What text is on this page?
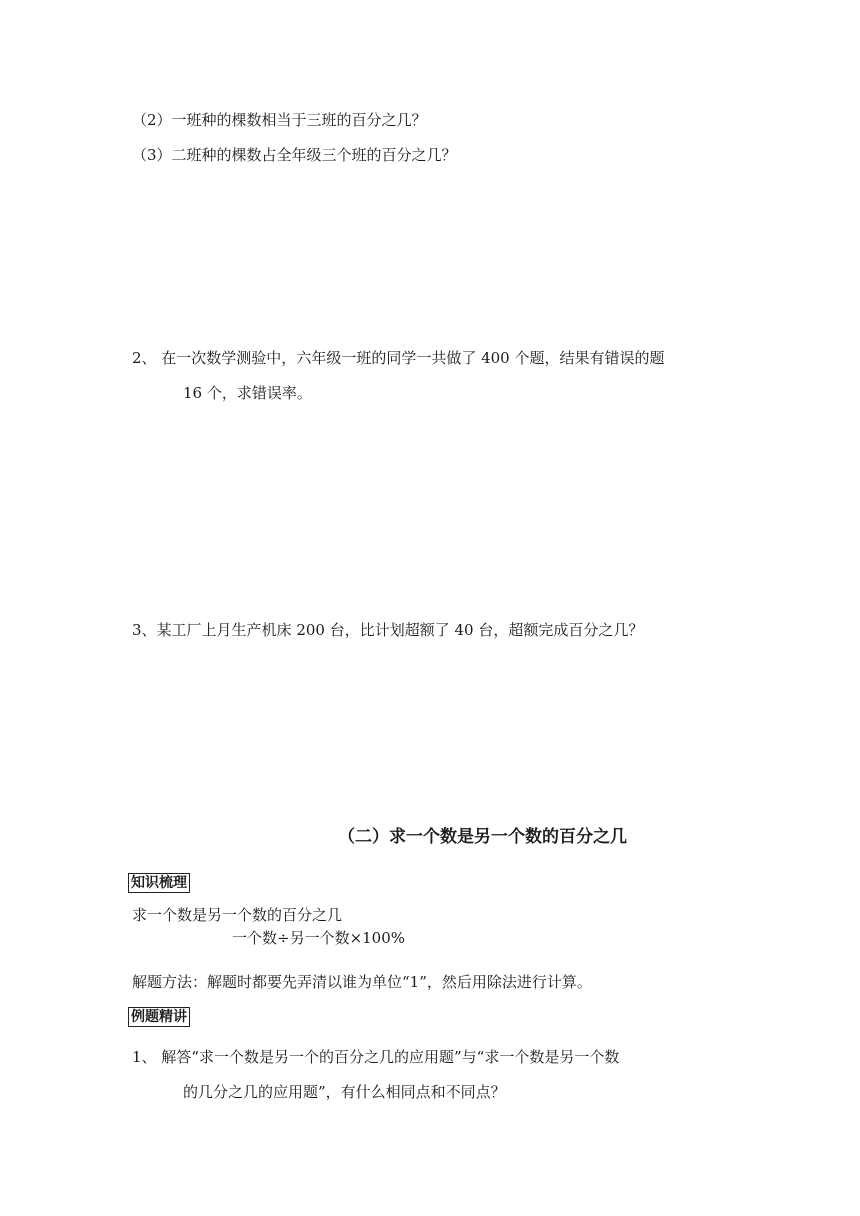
（2）一班种的棵数相当于三班的百分之几？
（3）二班种的棵数占全年级三个班的百分之几？
2、 在一次数学测验中，六年级一班的同学一共做了 400 个题，结果有错误的题
16 个，求错误率。
3、某工厂上月生产机床 200 台，比计划超额了 40 台，超额完成百分之几？
（二）求一个数是另一个数的百分之几
知识梳理
求一个数是另一个数的百分之几
一个数÷另一个数×100%
解题方法：解题时都要先弄清以谁为单位“1”，然后用除法进行计算。
例题精讲
1、 解答“求一个数是另一个的百分之几的应用题”与“求一个数是另一个数
的几分之几的应用题”，有什么相同点和不同点？
